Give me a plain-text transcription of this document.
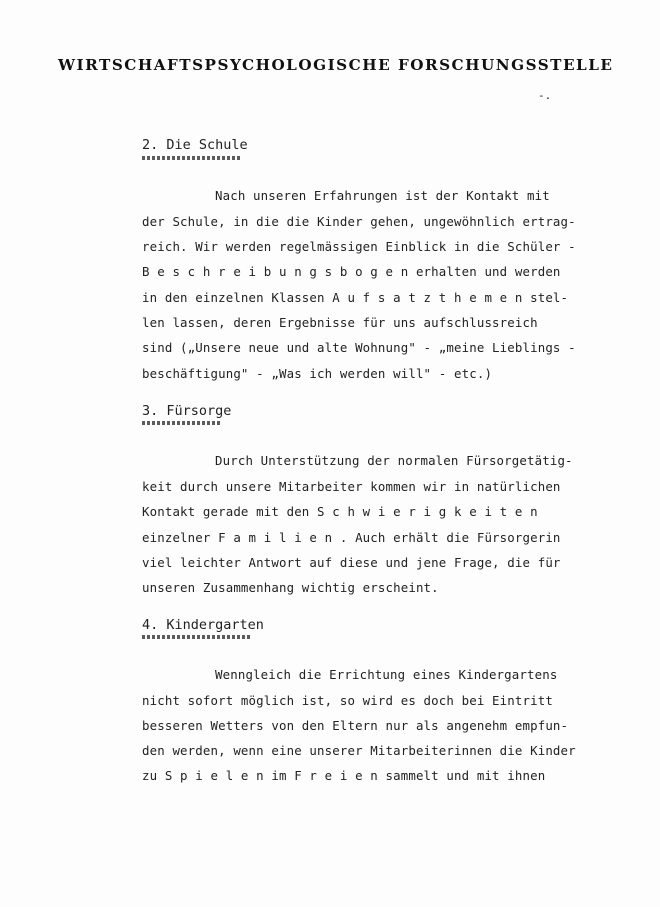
WIRTSCHAFTSPSYCHOLOGISCHE FORSCHUNGSSTELLE
-.
2. Die Schule
Nach unseren Erfahrungen ist der Kontakt mit
der Schule, in die die Kinder gehen, ungewöhnlich ertrag-
reich. Wir werden regelmässigen Einblick in die Schüler -
B e s c h r e i b u n g s b o g e n erhalten und werden
in den einzelnen Klassen A u f s a t z t h e m e n stel-
len lassen, deren Ergebnisse für uns aufschlussreich
sind („Unsere neue und alte Wohnung" - „meine Lieblings -
beschäftigung" - „Was ich werden will" - etc.)
3. Fürsorge
Durch Unterstützung der normalen Fürsorgetätig-
keit durch unsere Mitarbeiter kommen wir in natürlichen
Kontakt gerade mit den S c h w i e r i g k e i t e n
einzelner F a m i l i e n . Auch erhält die Fürsorgerin
viel leichter Antwort auf diese und jene Frage, die für
unseren Zusammenhang wichtig erscheint.
4. Kindergarten
Wenngleich die Errichtung eines Kindergartens
nicht sofort möglich ist, so wird es doch bei Eintritt
besseren Wetters von den Eltern nur als angenehm empfun-
den werden, wenn eine unserer Mitarbeiterinnen die Kinder
zu S p i e l e n im F r e i e n sammelt und mit ihnen
